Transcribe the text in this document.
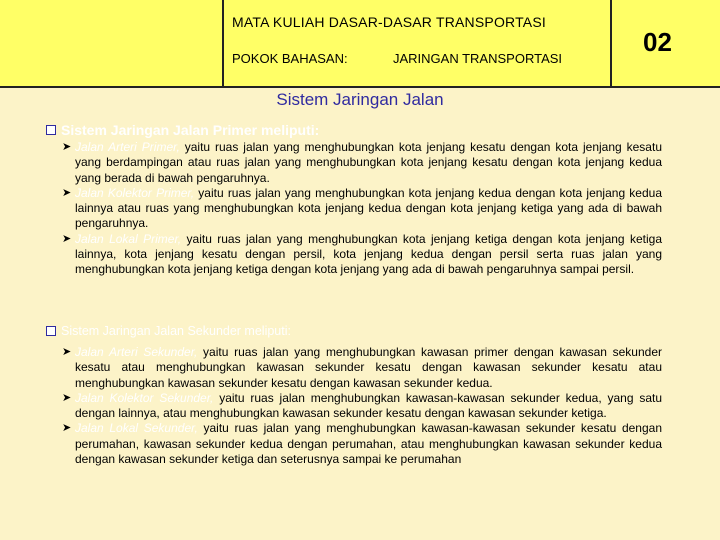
MATA KULIAH DASAR-DASAR TRANSPORTASI
POKOK BAHASAN:	JARINGAN TRANSPORTASI
02
Sistem Jaringan Jalan
Sistem Jaringan Jalan Primer meliputi:
➤ Jalan Arteri Primer, yaitu ruas jalan yang menghubungkan kota jenjang kesatu dengan kota jenjang kesatu yang berdampingan atau ruas jalan yang menghubungkan kota jenjang kesatu dengan kota jenjang kedua yang berada di bawah pengaruhnya.
➤ Jalan Kolektor Primer, yaitu ruas jalan yang menghubungkan kota jenjang kedua dengan kota jenjang kedua lainnya atau ruas yang menghubungkan kota jenjang kedua dengan kota jenjang ketiga yang ada di bawah pengaruhnya.
➤ Jalan Lokal Primer, yaitu ruas jalan yang menghubungkan kota jenjang ketiga dengan kota jenjang ketiga lainnya, kota jenjang kesatu dengan persil, kota jenjang kedua dengan persil serta ruas jalan yang menghubungkan kota jenjang ketiga dengan kota jenjang yang ada di bawah pengaruhnya sampai persil.
Sistem Jaringan Jalan Sekunder meliputi:
➤ Jalan Arteri Sekunder, yaitu ruas jalan yang menghubungkan kawasan primer dengan kawasan sekunder kesatu atau menghubungkan kawasan sekunder kesatu dengan kawasan sekunder kesatu atau menghubungkan kawasan sekunder kesatu dengan kawasan sekunder kedua.
➤ Jalan Kolektor Sekunder, yaitu ruas jalan menghubungkan kawasan-kawasan sekunder kedua, yang satu dengan lainnya, atau menghubungkan kawasan sekunder kesatu dengan kawasan sekunder ketiga.
➤ Jalan Lokal Sekunder, yaitu ruas jalan yang menghubungkan kawasan-kawasan sekunder kesatu dengan perumahan, kawasan sekunder kedua dengan perumahan, atau menghubungkan kawasan sekunder kedua dengan kawasan sekunder ketiga dan seterusnya sampai ke perumahan
